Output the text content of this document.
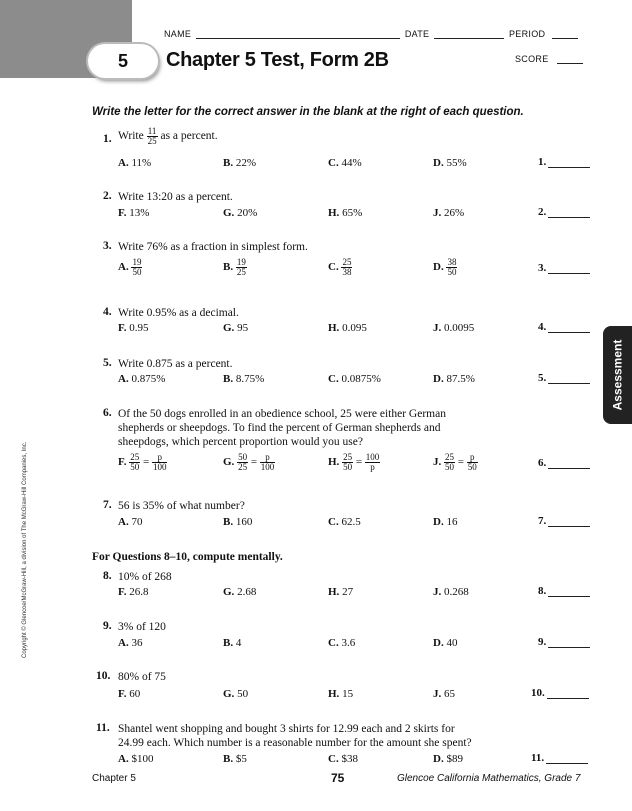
NAME	DATE	PERIOD
SCORE
5	Chapter 5 Test, Form 2B
Write the letter for the correct answer in the blank at the right of each question.
Assessment
Copyright © Glencoe/McGraw-Hill, a division of The McGraw-Hill Companies, Inc.	For Questions 8–10, compute mentally.
1. Write $\frac{11}{25}$ as a percent.
A. 11%	B. 22%	C. 44%	D. 55%	1.
2. Write 13:20 as a percent.
F. 13%	G. 20%	H. 65%	J. 26%	2.
3. Write 76% as a fraction in simplest form.
A. $\frac{19}{50}$	B. $\frac{19}{25}$	C. $\frac{25}{38}$	D. $\frac{38}{50}$	3.
4. Write 0.95% as a decimal.
F. 0.95	G. 95	H. 0.095	J. 0.0095	4.
5. Write 0.875 as a percent.
A. 0.875%	B. 8.75%	C. 0.0875%	D. 87.5%	5.
6. Of the 50 dogs enrolled in an obedience school, 25 were either German
shepherds or sheepdogs. To find the percent of German shepherds and
sheepdogs, which percent proportion would you use?
F. $\frac{25}{50} = \frac{p}{100}$	G. $\frac{50}{25} = \frac{p}{100}$	H. $\frac{25}{50} = \frac{100}{p}$	J. $\frac{25}{50} = \frac{p}{50}$	6.
7. 56 is 35% of what number?
A. 70	B. 160	C. 62.5	D. 16	7.
8. 10% of 268
F. 26.8	G. 2.68	H. 27	J. 0.268	8.
9. 3% of 120
A. 36	B. 4	C. 3.6	D. 40	9.
10. 80% of 75
F. 60	G. 50	H. 15	J. 65	10.
11. Shantel went shopping and bought 3 shirts for 12.99 each and 2 skirts for
24.99 each. Which number is a reasonable number for the amount she spent?
A. $100	B. $5	C. $38	D. $89	11.
Chapter 5	75	Glencoe California Mathematics, Grade 7
